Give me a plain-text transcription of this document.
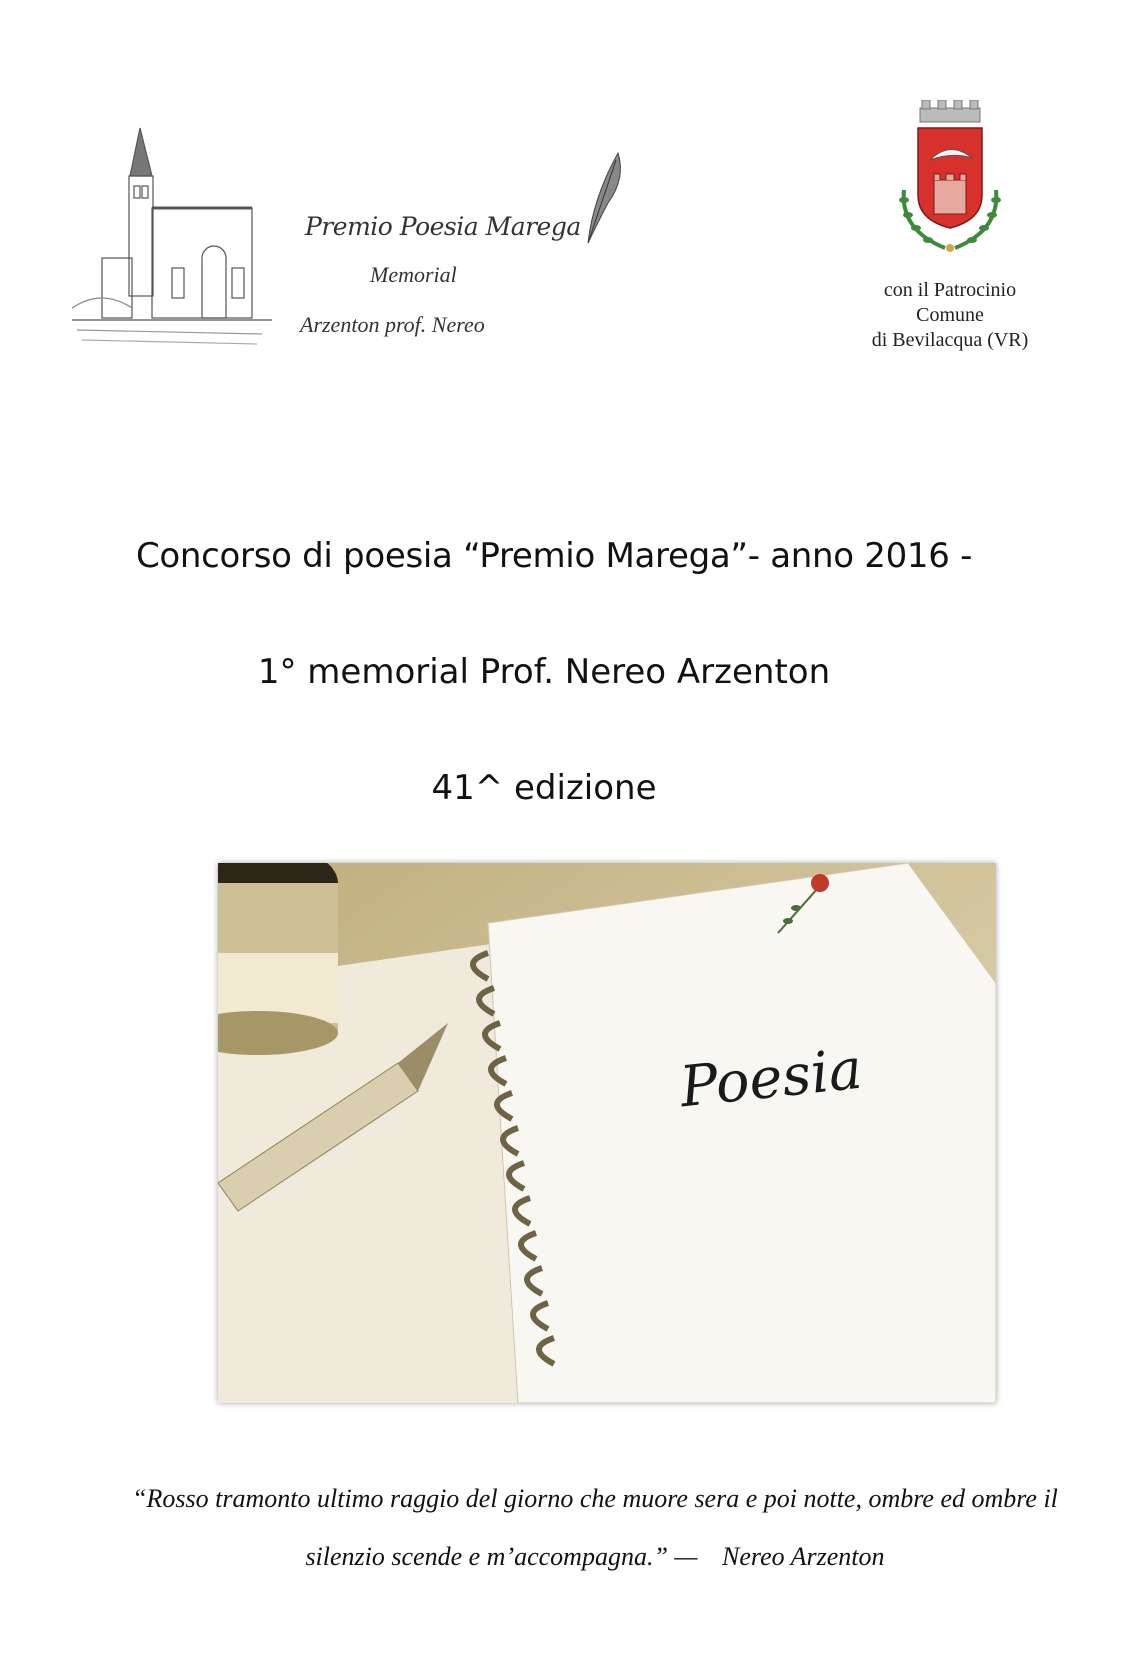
Premio Poesia Marega
Memorial
Arzenton prof. Nereo
con il Patrocinio
Comune
di Bevilacqua (VR)
Concorso di poesia “Premio Marega”- anno 2016 -
1° memorial Prof. Nereo Arzenton
41^ edizione
Poesia
“Rosso tramonto ultimo raggio del giorno che muore sera e poi notte, ombre ed ombre il silenzio scende e m’accompagna.” — Nereo Arzenton
